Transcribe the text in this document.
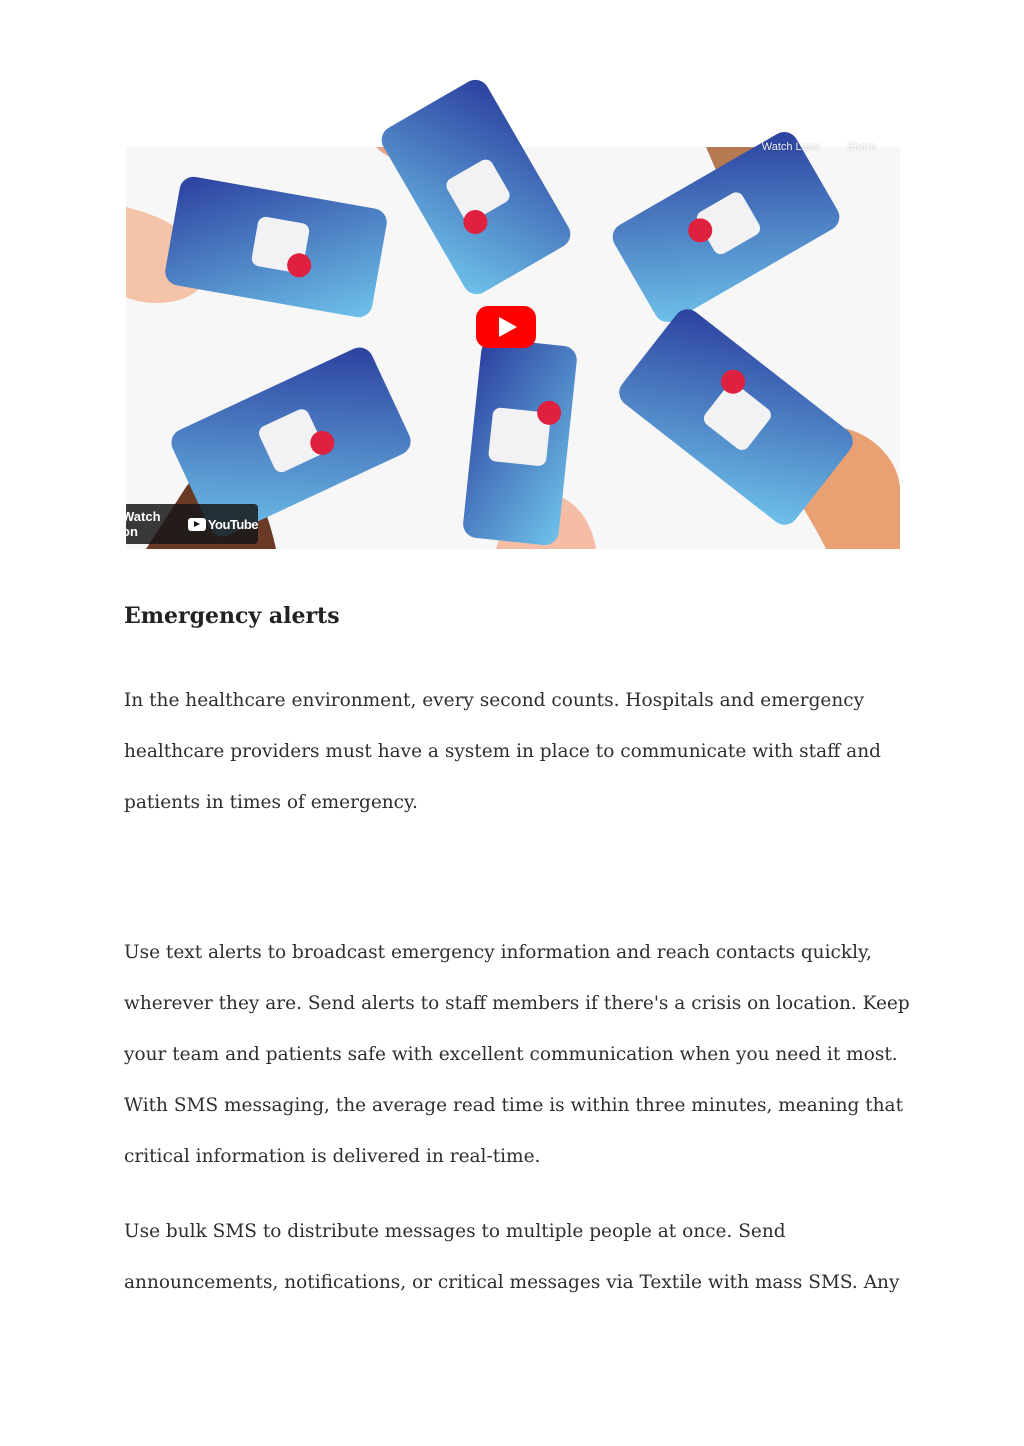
Watch Later Share
Watch on	YouTube
Emergency alerts

In the healthcare environment, every second counts. Hospitals and emergency
healthcare providers must have a system in place to communicate with staff and
patients in times of emergency.

Use text alerts to broadcast emergency information and reach contacts quickly,
wherever they are. Send alerts to staff members if there's a crisis on location. Keep
your team and patients safe with excellent communication when you need it most.
With SMS messaging, the average read time is within three minutes, meaning that
critical information is delivered in real-time.

Use bulk SMS to distribute messages to multiple people at once. Send
announcements, notifications, or critical messages via Textile with mass SMS. Any
